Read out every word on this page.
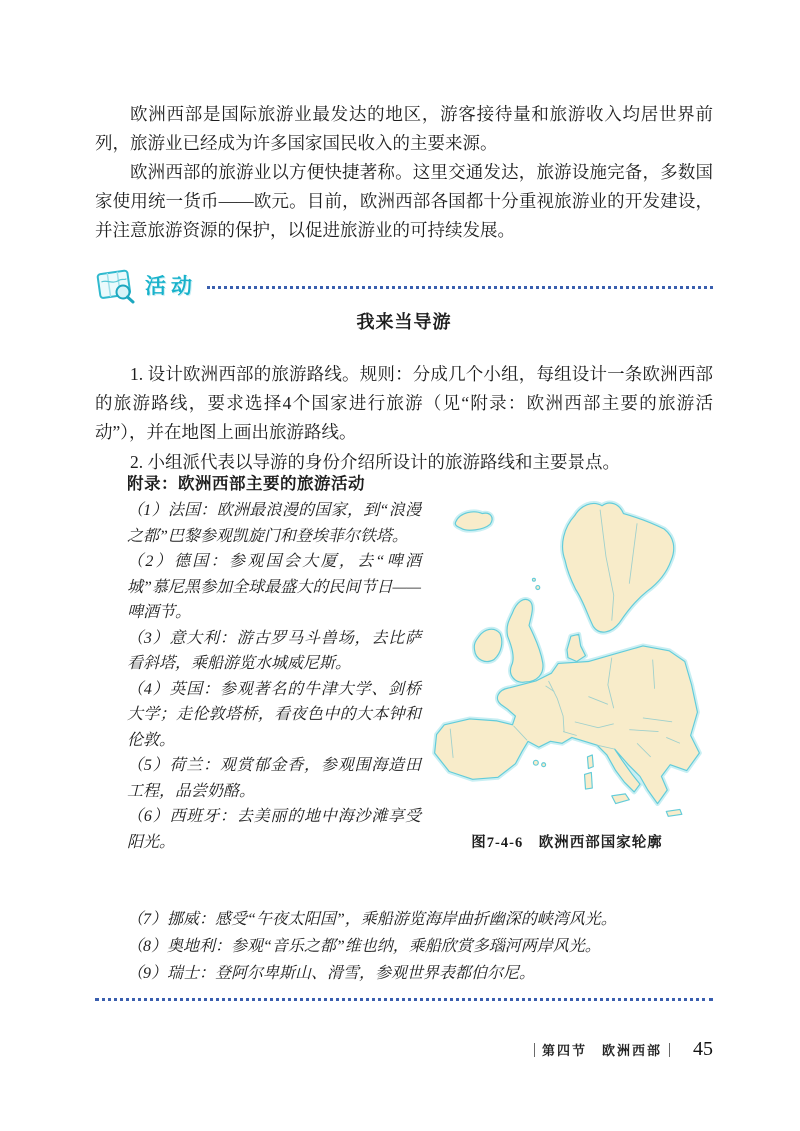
欧洲西部是国际旅游业最发达的地区，游客接待量和旅游收入均居世界前列，旅游业已经成为许多国家国民收入的主要来源。

欧洲西部的旅游业以方便快捷著称。这里交通发达，旅游设施完备，多数国家使用统一货币——欧元。目前，欧洲西部各国都十分重视旅游业的开发建设，并注意旅游资源的保护，以促进旅游业的可持续发展。

活动
我来当导游

1. 设计欧洲西部的旅游路线。规则：分成几个小组，每组设计一条欧洲西部的旅游路线，要求选择4个国家进行旅游（见“附录：欧洲西部主要的旅游活动”），并在地图上画出旅游路线。

2. 小组派代表以导游的身份介绍所设计的旅游路线和主要景点。

附录：欧洲西部主要的旅游活动

（1）法国：欧洲最浪漫的国家，到“浪漫之都”巴黎参观凯旋门和登埃菲尔铁塔。

（2）德国：参观国会大厦，去“啤酒城”慕尼黑参加全球最盛大的民间节日——啤酒节。

（3）意大利：游古罗马斗兽场，去比萨看斜塔，乘船游览水城威尼斯。

（4）英国：参观著名的牛津大学、剑桥大学；走伦敦塔桥，看夜色中的大本钟和伦敦。

（5）荷兰：观赏郁金香，参观围海造田工程，品尝奶酪。

（6）西班牙：去美丽的地中海沙滩享受阳光。	图7-4-6　欧洲西部国家轮廓

（7）挪威：感受“午夜太阳国”，乘船游览海岸曲折幽深的峡湾风光。

（8）奥地利：参观“音乐之都”维也纳，乘船欣赏多瑙河两岸风光。

（9）瑞士：登阿尔卑斯山、滑雪，参观世界表都伯尔尼。

第四节　欧洲西部 45
